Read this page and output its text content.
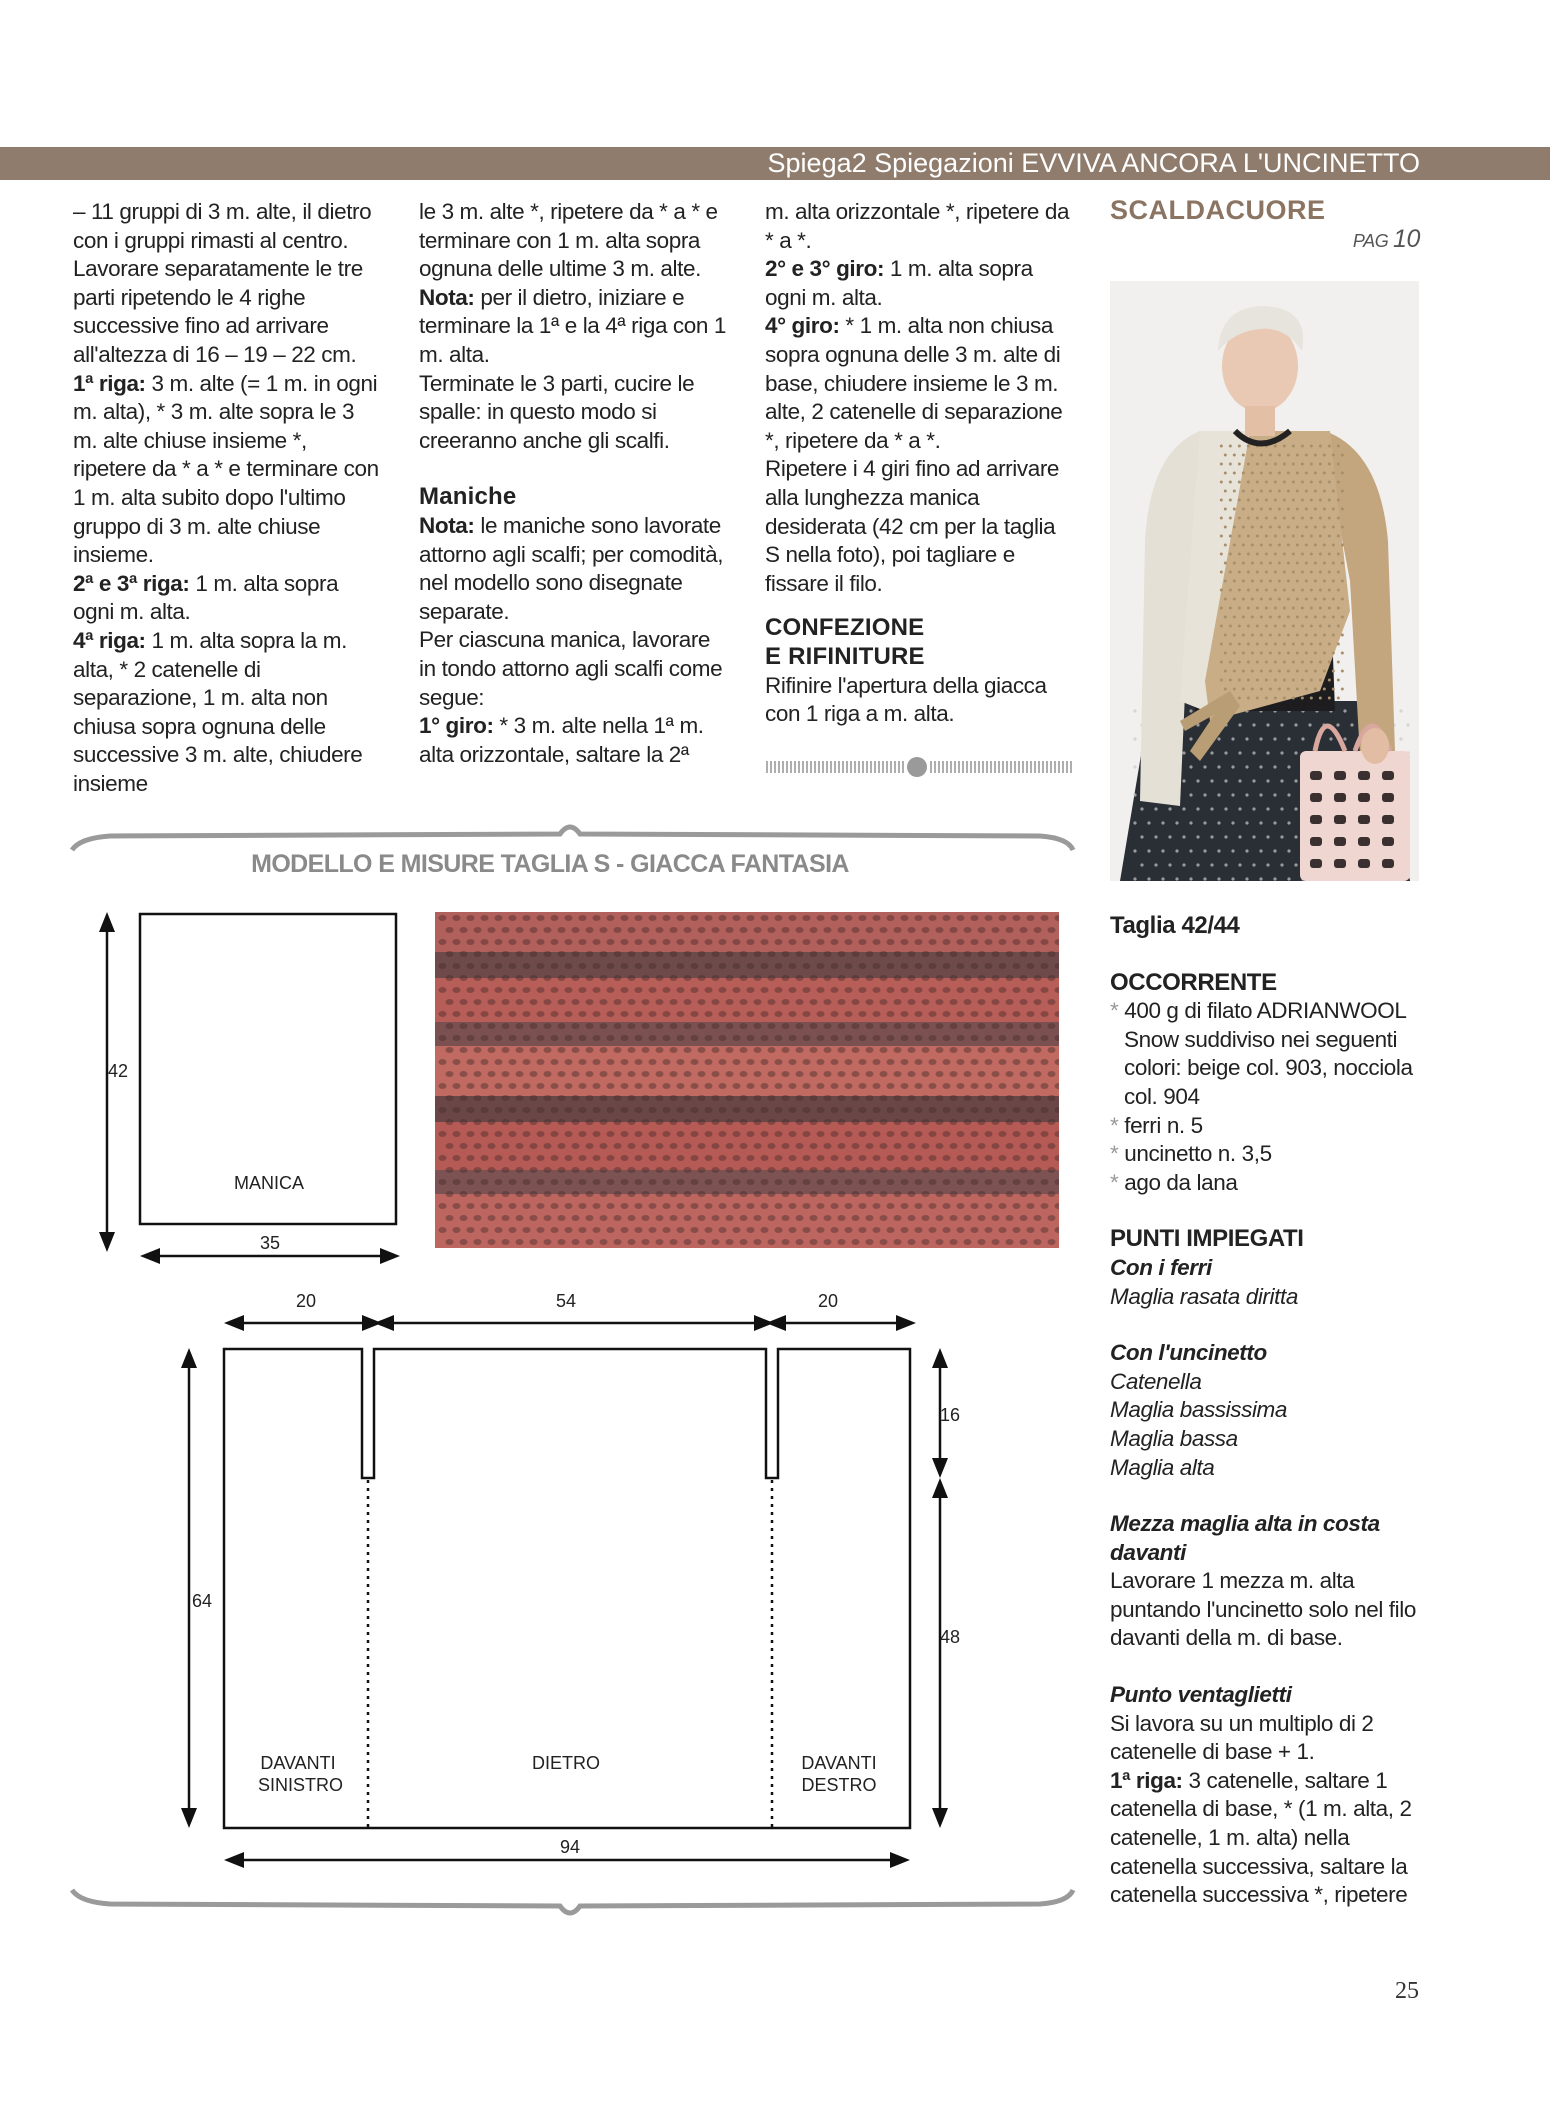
Spiega2 Spiegazioni EVVIVA ANCORA L'UNCINETTO

– 11 gruppi di 3 m. alte, il dietro con i gruppi rimasti al centro. Lavorare separatamente le tre parti ripetendo le 4 righe successive fino ad arrivare all'altezza di 16 – 19 – 22 cm.

1ª riga: 3 m. alte (= 1 m. in ogni m. alta), * 3 m. alte sopra le 3 m. alte chiuse insieme *, ripetere da * a * e terminare con 1 m. alta subito dopo l'ultimo gruppo di 3 m. alte chiuse insieme.

2ª e 3ª riga: 1 m. alta sopra ogni m. alta.

4ª riga: 1 m. alta sopra la m. alta, * 2 catenelle di separazione, 1 m. alta non chiusa sopra ognuna delle successive 3 m. alte, chiudere insieme

le 3 m. alte *, ripetere da * a * e terminare con 1 m. alta sopra ognuna delle ultime 3 m. alte.

Nota: per il dietro, iniziare e terminare la 1ª e la 4ª riga con 1 m. alta.

Terminate le 3 parti, cucire le spalle: in questo modo si creeranno anche gli scalfi.

Maniche

Nota: le maniche sono lavorate attorno agli scalfi; per comodità, nel modello sono disegnate separate.

Per ciascuna manica, lavorare in tondo attorno agli scalfi come segue:

1° giro: * 3 m. alte nella 1ª m. alta orizzontale, saltare la 2ª

m. alta orizzontale *, ripetere da * a *.

2° e 3° giro: 1 m. alta sopra ogni m. alta.

4° giro: * 1 m. alta non chiusa sopra ognuna delle 3 m. alte di base, chiudere insieme le 3 m. alte, 2 catenelle di separazione *, ripetere da * a *.

Ripetere i 4 giri fino ad arrivare alla lunghezza manica desiderata (42 cm per la taglia S nella foto), poi tagliare e fissare il filo.

CONFEZIONE

E RIFINITURE

Rifinire l'apertura della giacca con 1 riga a m. alta.

SCALDACUORE

PAG 10

Taglia 42/44

OCCORRENTE

* 400 g di filato ADRIANWOOL Snow suddiviso nei seguenti colori: beige col. 903, nocciola col. 904

* ferri n. 5

* uncinetto n. 3,5

* ago da lana

PUNTI IMPIEGATI

Con i ferri

Maglia rasata diritta

Con l'uncinetto

Catenella

Maglia bassissima

Maglia bassa

Maglia alta

Mezza maglia alta in costa davanti

Lavorare 1 mezza m. alta puntando l'uncinetto solo nel filo davanti della m. di base.

Punto ventaglietti

Si lavora su un multiplo di 2 catenelle di base + 1.

1ª riga: 3 catenelle, saltare 1 catenella di base, * (1 m. alta, 2 catenelle, 1 m. alta) nella catenella successiva, saltare la catenella successiva *, ripetere

MODELLO E MISURE TAGLIA S - GIACCA FANTASIA
42
MANICA
35
20	54	20
64
16
48
94
DAVANTI
SINISTRO
DIETRO	DAVANTI
DESTRO
25
